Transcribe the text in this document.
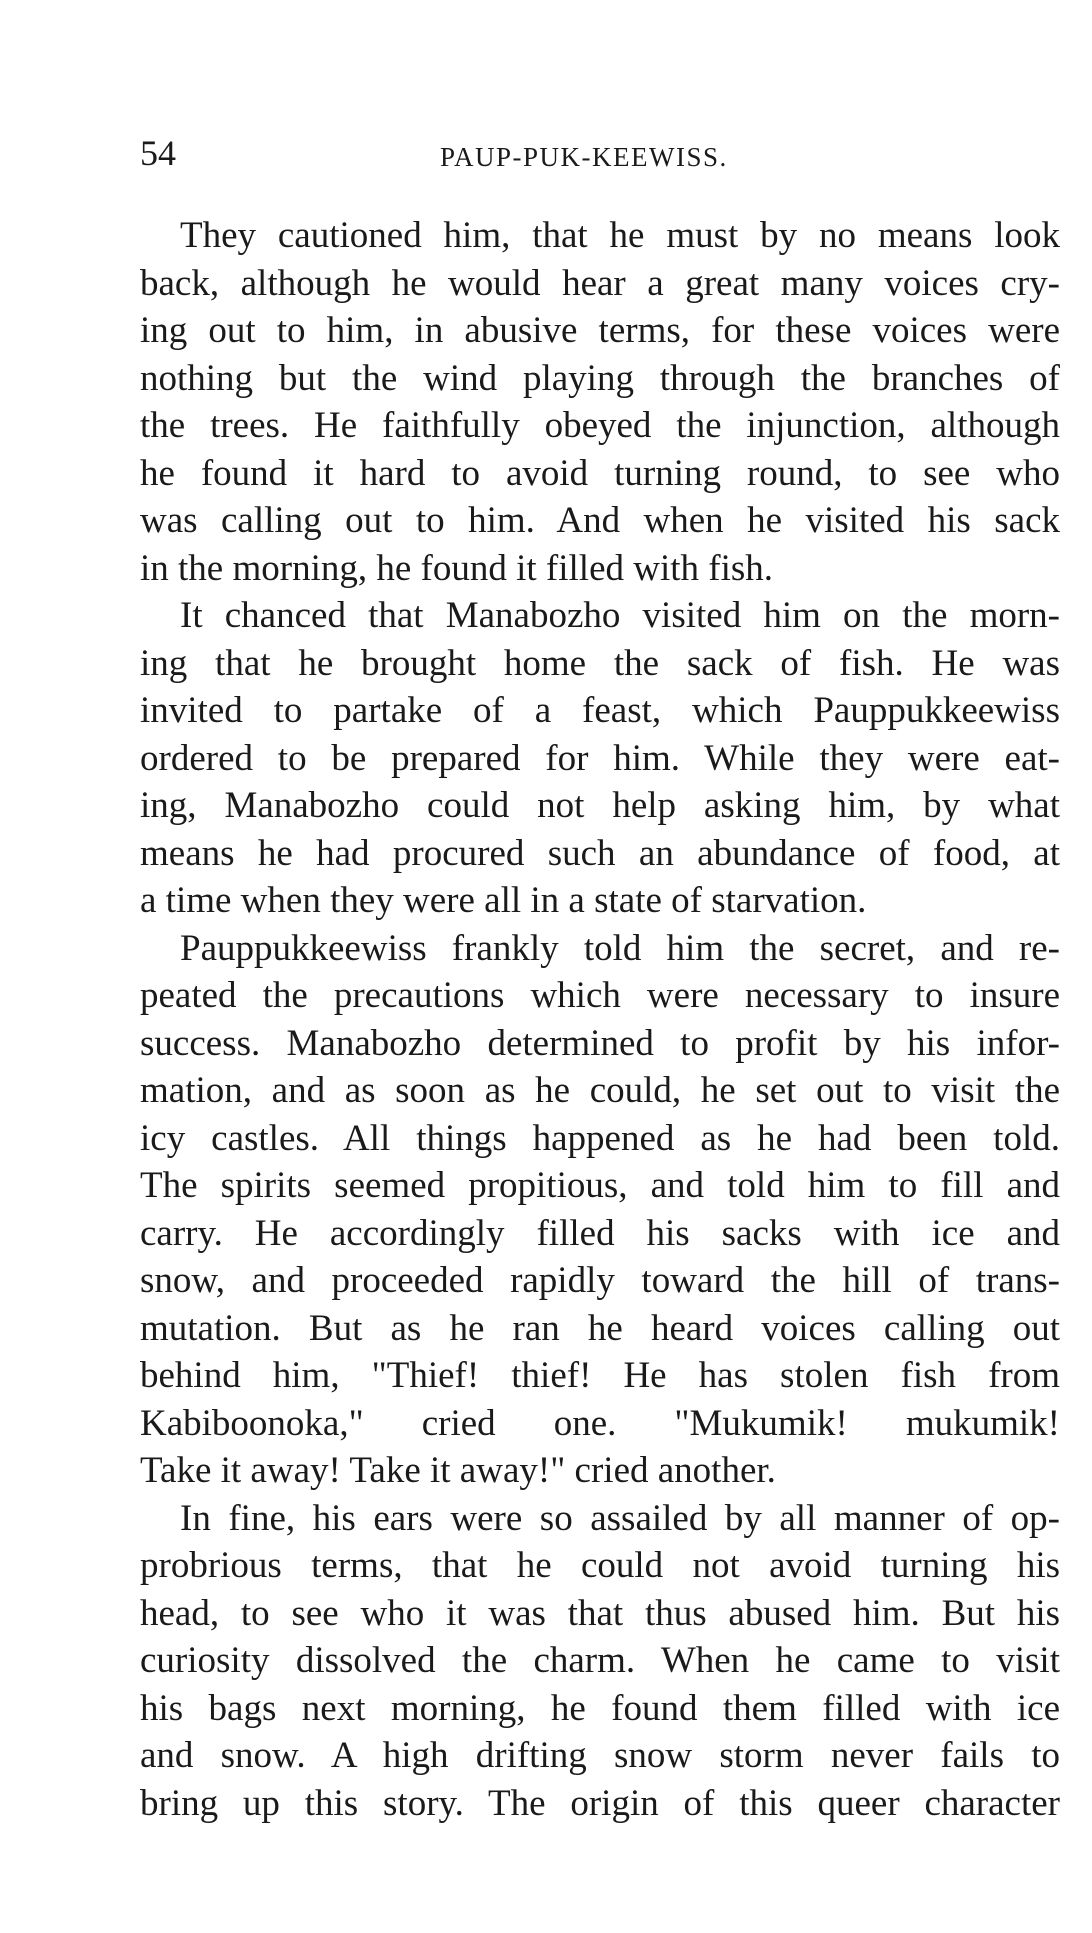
54	PAUP-PUK-KEEWISS.
They cautioned him, that he must by no means look
back, although he would hear a great many voices cry-
ing out to him, in abusive terms, for these voices were
nothing but the wind playing through the branches of
the trees. He faithfully obeyed the injunction, although
he found it hard to avoid turning round, to see who
was calling out to him. And when he visited his sack
in the morning, he found it filled with fish.
It chanced that Manabozho visited him on the morn-
ing that he brought home the sack of fish. He was
invited to partake of a feast, which Pauppukkeewiss
ordered to be prepared for him. While they were eat-
ing, Manabozho could not help asking him, by what
means he had procured such an abundance of food, at
a time when they were all in a state of starvation.
Pauppukkeewiss frankly told him the secret, and re-
peated the precautions which were necessary to insure
success. Manabozho determined to profit by his infor-
mation, and as soon as he could, he set out to visit the
icy castles. All things happened as he had been told.
The spirits seemed propitious, and told him to fill and
carry. He accordingly filled his sacks with ice and
snow, and proceeded rapidly toward the hill of trans-
mutation. But as he ran he heard voices calling out
behind him, "Thief! thief! He has stolen fish from
Kabiboonoka," cried one. "Mukumik! mukumik!
Take it away! Take it away!" cried another.
In fine, his ears were so assailed by all manner of op-
probrious terms, that he could not avoid turning his
head, to see who it was that thus abused him. But his
curiosity dissolved the charm. When he came to visit
his bags next morning, he found them filled with ice
and snow. A high drifting snow storm never fails to
bring up this story. The origin of this queer character
